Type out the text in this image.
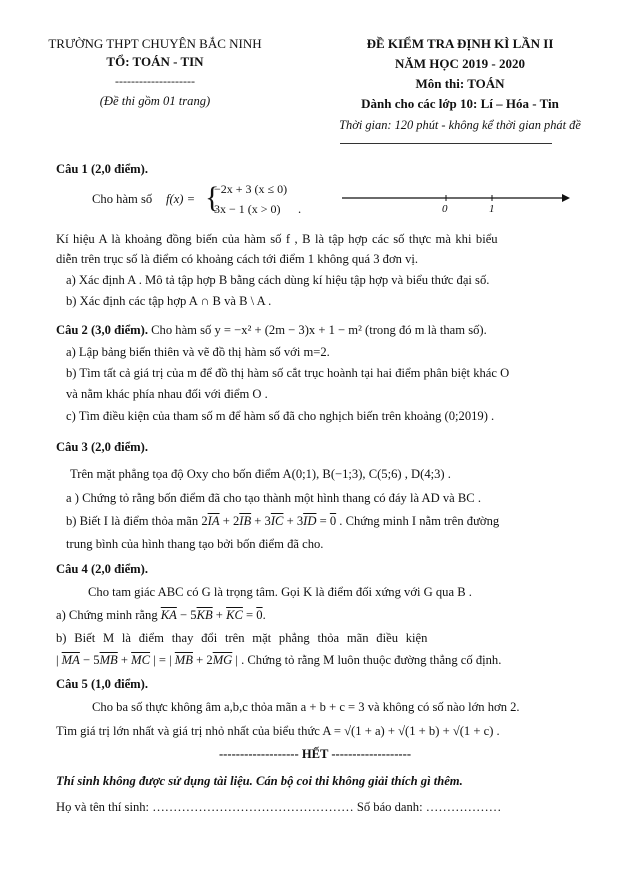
TRƯỜNG THPT CHUYÊN BẮC NINH
TỔ: TOÁN - TIN
--------------------
(Đề thi gồm 01 trang)
ĐỀ KIỂM TRA ĐỊNH KÌ LẦN II
NĂM HỌC 2019 - 2020
Môn thi: TOÁN
Dành cho các lớp 10: Lí – Hóa - Tin
Thời gian: 120 phút - không kể thời gian phát đề
Câu 1 (2,0 điểm).
Cho hàm số f(x) = {
−2x + 3 (x ≤ 0)
3x − 1 (x > 0) .	0	1
Kí hiệu A là khoảng đồng biến của hàm số f , B là tập hợp các số thực mà khi biểu
diễn trên trục số là điểm có khoảng cách tới điểm 1 không quá 3 đơn vị.
a) Xác định A . Mô tả tập hợp B bằng cách dùng kí hiệu tập hợp và biểu thức đại số.
b) Xác định các tập hợp A ∩ B và B \ A .
Câu 2 (3,0 điểm). Cho hàm số y = −x² + (2m − 3)x + 1 − m² (trong đó m là tham số).
a) Lập bảng biến thiên và vẽ đồ thị hàm số với m=2.
b) Tìm tất cả giá trị của m để đồ thị hàm số cắt trục hoành tại hai điểm phân biệt khác O
và nằm khác phía nhau đối với điểm O .
c) Tìm điều kiện của tham số m để hàm số đã cho nghịch biến trên khoảng (0;2019) .
Câu 3 (2,0 điểm).
Trên mặt phẳng tọa độ Oxy cho bốn điểm A(0;1), B(−1;3), C(5;6) , D(4;3) .
a ) Chứng tỏ rằng bốn điểm đã cho tạo thành một hình thang có đáy là AD và BC .
b) Biết I là điểm thỏa mãn $2\overline{IA} + 2\overline{IB} + 3\overline{IC} + 3\overline{ID} = 0$ . Chứng minh I nằm trên đường
trung bình của hình thang tạo bởi bốn điểm đã cho.
Câu 4 (2,0 điểm).
Cho tam giác ABC có G là trọng tâm. Gọi K là điểm đối xứng với G qua B .
a) Chứng minh rằng $\overline{KA} - 5\overline{KB} + \overline{KC} = 0$.
b) Biết M là điểm thay đổi trên mặt phẳng thỏa mãn điều kiện
| $\overline{MA} - 5\overline{MB} + \overline{MC}$ | = | $\overline{MB} + 2\overline{MG}$ | . Chứng tỏ rằng M luôn thuộc đường thẳng cố định.
Câu 5 (1,0 điểm).
Cho ba số thực không âm a,b,c thỏa mãn a + b + c = 3 và không có số nào lớn hơn 2.
Tìm giá trị lớn nhất và giá trị nhỏ nhất của biểu thức A = √(1 + a) + √(1 + b) + √(1 + c) .
------------------- HẾT -------------------
Thí sinh không được sử dụng tài liệu. Cán bộ coi thi không giải thích gì thêm.
Họ và tên thí sinh: ………………………………………… Số báo danh: ………………
